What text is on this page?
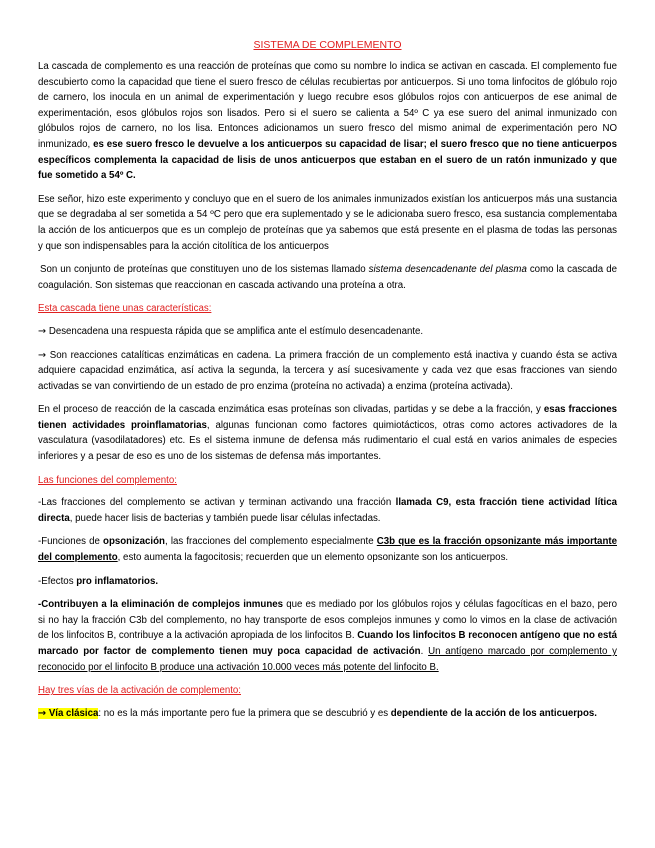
SISTEMA DE COMPLEMENTO

La cascada de complemento es una reacción de proteínas que como su nombre lo indica se activan en cascada. El complemento fue descubierto como la capacidad que tiene el suero fresco de células recubiertas por anticuerpos. Si uno toma linfocitos de glóbulo rojo de carnero, los inocula en un animal de experimentación y luego recubre esos glóbulos rojos con anticuerpos de ese animal de experimentación, esos glóbulos rojos son lisados. Pero si el suero se calienta a 54º C ya ese suero del animal inmunizado con glóbulos rojos de carnero, no los lisa. Entonces adicionamos un suero fresco del mismo animal de experimentación pero NO inmunizado, es ese suero fresco le devuelve a los anticuerpos su capacidad de lisar; el suero fresco que no tiene anticuerpos específicos complementa la capacidad de lisis de unos anticuerpos que estaban en el suero de un ratón inmunizado y que fue sometido a 54º C.

Ese señor, hizo este experimento y concluyo que en el suero de los animales inmunizados existían los anticuerpos más una sustancia que se degradaba al ser sometida a 54 ºC pero que era suplementado y se le adicionaba suero fresco, esa sustancia complementaba la acción de los anticuerpos que es un complejo de proteínas que ya sabemos que está presente en el plasma de todas las personas y que son indispensables para la acción citolítica de los anticuerpos

Son un conjunto de proteínas que constituyen uno de los sistemas llamado sistema desencadenante del plasma como la cascada de coagulación. Son sistemas que reaccionan en cascada activando una proteína a otra.

Esta cascada tiene unas características:

→ Desencadena una respuesta rápida que se amplifica ante el estímulo desencadenante.

→ Son reacciones catalíticas enzimáticas en cadena. La primera fracción de un complemento está inactiva y cuando ésta se activa adquiere capacidad enzimática, así activa la segunda, la tercera y así sucesivamente y cada vez que esas fracciones van siendo activadas se van convirtiendo de un estado de pro enzima (proteína no activada) a enzima (proteína activada).

En el proceso de reacción de la cascada enzimática esas proteínas son clivadas, partidas y se debe a la fracción, y esas fracciones tienen actividades proinflamatorias, algunas funcionan como factores quimiotácticos, otras como actores activadores de la vasculatura (vasodilatadores) etc. Es el sistema inmune de defensa más rudimentario el cual está en varios animales de especies inferiores y a pesar de eso es uno de los sistemas de defensa más importantes.

Las funciones del complemento:

-Las fracciones del complemento se activan y terminan activando una fracción llamada C9, esta fracción tiene actividad lítica directa, puede hacer lisis de bacterias y también puede lisar células infectadas.

-Funciones de opsonización, las fracciones del complemento especialmente C3b que es la fracción opsonizante más importante del complemento, esto aumenta la fagocitosis; recuerden que un elemento opsonizante son los anticuerpos.

-Efectos pro inflamatorios.

-Contribuyen a la eliminación de complejos inmunes que es mediado por los glóbulos rojos y células fagocíticas en el bazo, pero si no hay la fracción C3b del complemento, no hay transporte de esos complejos inmunes y como lo vimos en la clase de activación de los linfocitos B, contribuye a la activación apropiada de los linfocitos B. Cuando los linfocitos B reconocen antígeno que no está marcado por factor de complemento tienen muy poca capacidad de activación. Un antígeno marcado por complemento y reconocido por el linfocito B produce una activación 10.000 veces más potente del linfocito B.

Hay tres vías de la activación de complemento:

→ Vía clásica: no es la más importante pero fue la primera que se descubrió y es dependiente de la acción de los anticuerpos.
